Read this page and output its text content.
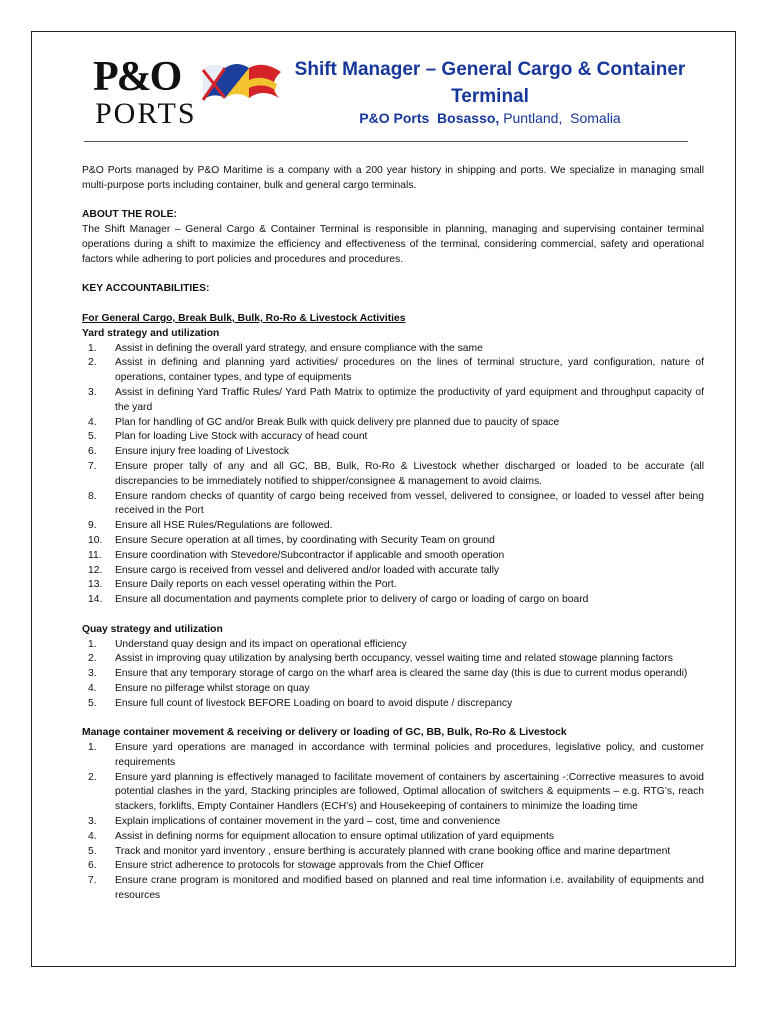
P&O
PORTS
Shift Manager – General Cargo & Container Terminal
P&O Ports Bosasso, Puntland, Somalia

P&O Ports managed by P&O Maritime is a company with a 200 year history in shipping and ports. We specialize in managing small multi-purpose ports including container, bulk and general cargo terminals.

ABOUT THE ROLE:

The Shift Manager – General Cargo & Container Terminal is responsible in planning, managing and supervising container terminal operations during a shift to maximize the efficiency and effectiveness of the terminal, considering commercial, safety and operational factors while adhering to port policies and procedures and procedures.

KEY ACCOUNTABILITIES:

For General Cargo, Break Bulk, Bulk, Ro-Ro & Livestock Activities

Yard strategy and utilization

1. Assist in defining the overall yard strategy, and ensure compliance with the same
2. Assist in defining and planning yard activities/ procedures on the lines of terminal structure, yard configuration, nature of operations, container types, and type of equipments
3. Assist in defining Yard Traffic Rules/ Yard Path Matrix to optimize the productivity of yard equipment and throughput capacity of the yard
4. Plan for handling of GC and/or Break Bulk with quick delivery pre planned due to paucity of space
5. Plan for loading Live Stock with accuracy of head count
6. Ensure injury free loading of Livestock
7. Ensure proper tally of any and all GC, BB, Bulk, Ro-Ro & Livestock whether discharged or loaded to be accurate (all discrepancies to be immediately notified to shipper/consignee & management to avoid claims.
8. Ensure random checks of quantity of cargo being received from vessel, delivered to consignee, or loaded to vessel after being received in the Port
9. Ensure all HSE Rules/Regulations are followed.
10. Ensure Secure operation at all times, by coordinating with Security Team on ground
11. Ensure coordination with Stevedore/Subcontractor if applicable and smooth operation
12. Ensure cargo is received from vessel and delivered and/or loaded with accurate tally
13. Ensure Daily reports on each vessel operating within the Port.
14. Ensure all documentation and payments complete prior to delivery of cargo or loading of cargo on board

Quay strategy and utilization

1. Understand quay design and its impact on operational efficiency
2. Assist in improving quay utilization by analysing berth occupancy, vessel waiting time and related stowage planning factors
3. Ensure that any temporary storage of cargo on the wharf area is cleared the same day (this is due to current modus operandi)
4. Ensure no pilferage whilst storage on quay
5. Ensure full count of livestock BEFORE Loading on board to avoid dispute / discrepancy

Manage container movement & receiving or delivery or loading of GC, BB, Bulk, Ro-Ro & Livestock

1. Ensure yard operations are managed in accordance with terminal policies and procedures, legislative policy, and customer requirements
2. Ensure yard planning is effectively managed to facilitate movement of containers by ascertaining -:Corrective measures to avoid potential clashes in the yard, Stacking principles are followed, Optimal allocation of switchers & equipments – e.g. RTG’s, reach stackers, forklifts, Empty Container Handlers (ECH’s) and Housekeeping of containers to minimize the loading time
3. Explain implications of container movement in the yard – cost, time and convenience
4. Assist in defining norms for equipment allocation to ensure optimal utilization of yard equipments
5. Track and monitor yard inventory , ensure berthing is accurately planned with crane booking office and marine department
6. Ensure strict adherence to protocols for stowage approvals from the Chief Officer
7. Ensure crane program is monitored and modified based on planned and real time information i.e. availability of equipments and resources
